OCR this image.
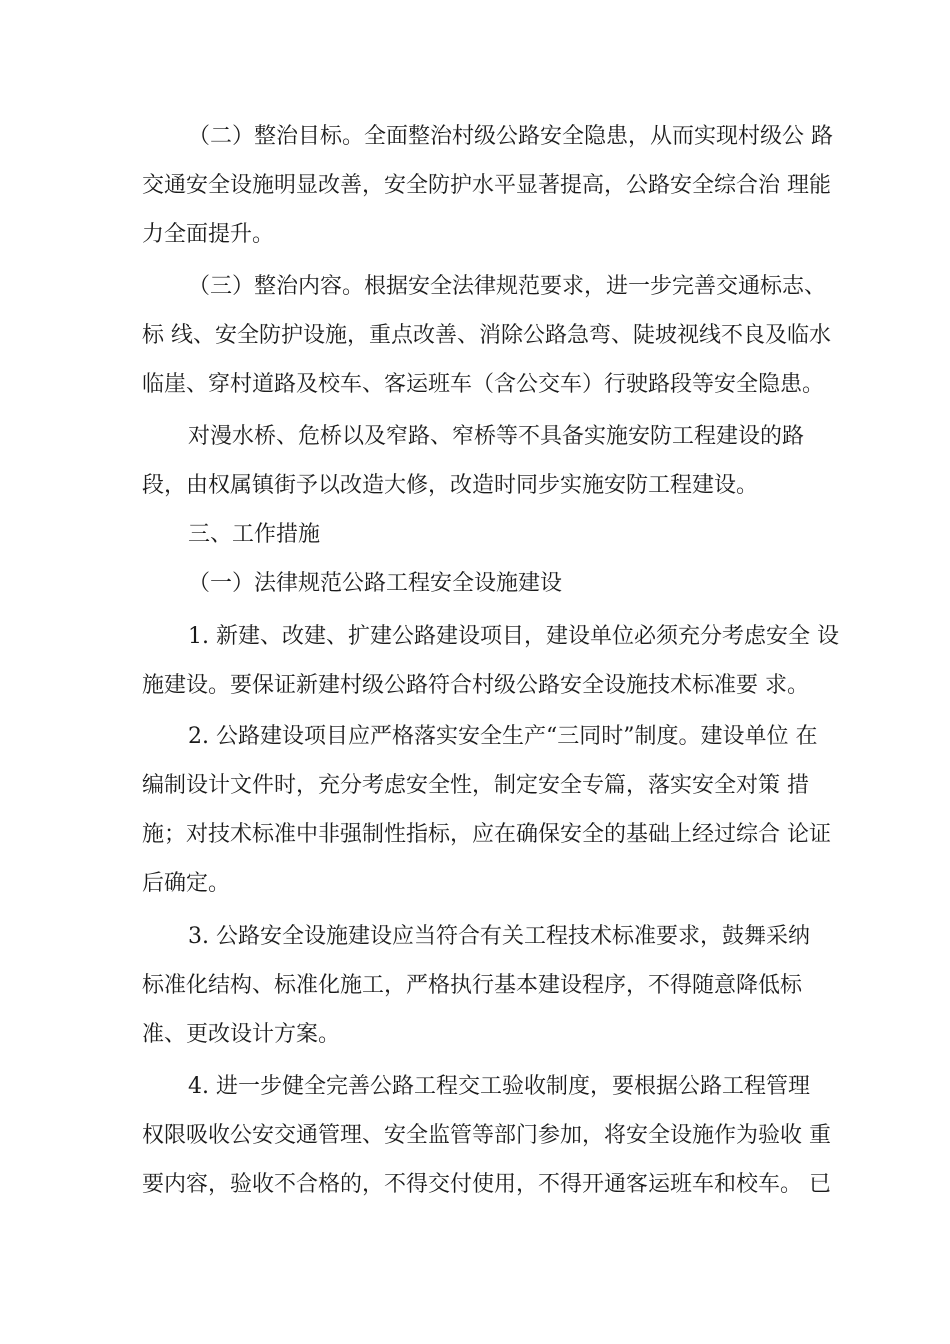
（二）整治目标。全面整治村级公路安全隐患，从而实现村级公 路
交通安全设施明显改善，安全防护水平显著提高，公路安全综合治 理能
力全面提升。
（三）整治内容。根据安全法律规范要求，进一步完善交通标志、
标 线、安全防护设施，重点改善、消除公路急弯、陡坡视线不良及临水
临崖、穿村道路及校车、客运班车（含公交车）行驶路段等安全隐患。
对漫水桥、危桥以及窄路、窄桥等不具备实施安防工程建设的路
段，由权属镇街予以改造大修，改造时同步实施安防工程建设。
三、工作措施
（一）法律规范公路工程安全设施建设
1. 新建、改建、扩建公路建设项目，建设单位必须充分考虑安全 设
施建设。要保证新建村级公路符合村级公路安全设施技术标准要 求。
2. 公路建设项目应严格落实安全生产“三同时”制度。建设单位 在
编制设计文件时，充分考虑安全性，制定安全专篇，落实安全对策 措
施；对技术标准中非强制性指标，应在确保安全的基础上经过综合 论证
后确定。
3. 公路安全设施建设应当符合有关工程技术标准要求，鼓舞采纳
标准化结构、标准化施工，严格执行基本建设程序，不得随意降低标
准、更改设计方案。
4. 进一步健全完善公路工程交工验收制度，要根据公路工程管理
权限吸收公安交通管理、安全监管等部门参加，将安全设施作为验收 重
要内容，验收不合格的，不得交付使用，不得开通客运班车和校车。 已
